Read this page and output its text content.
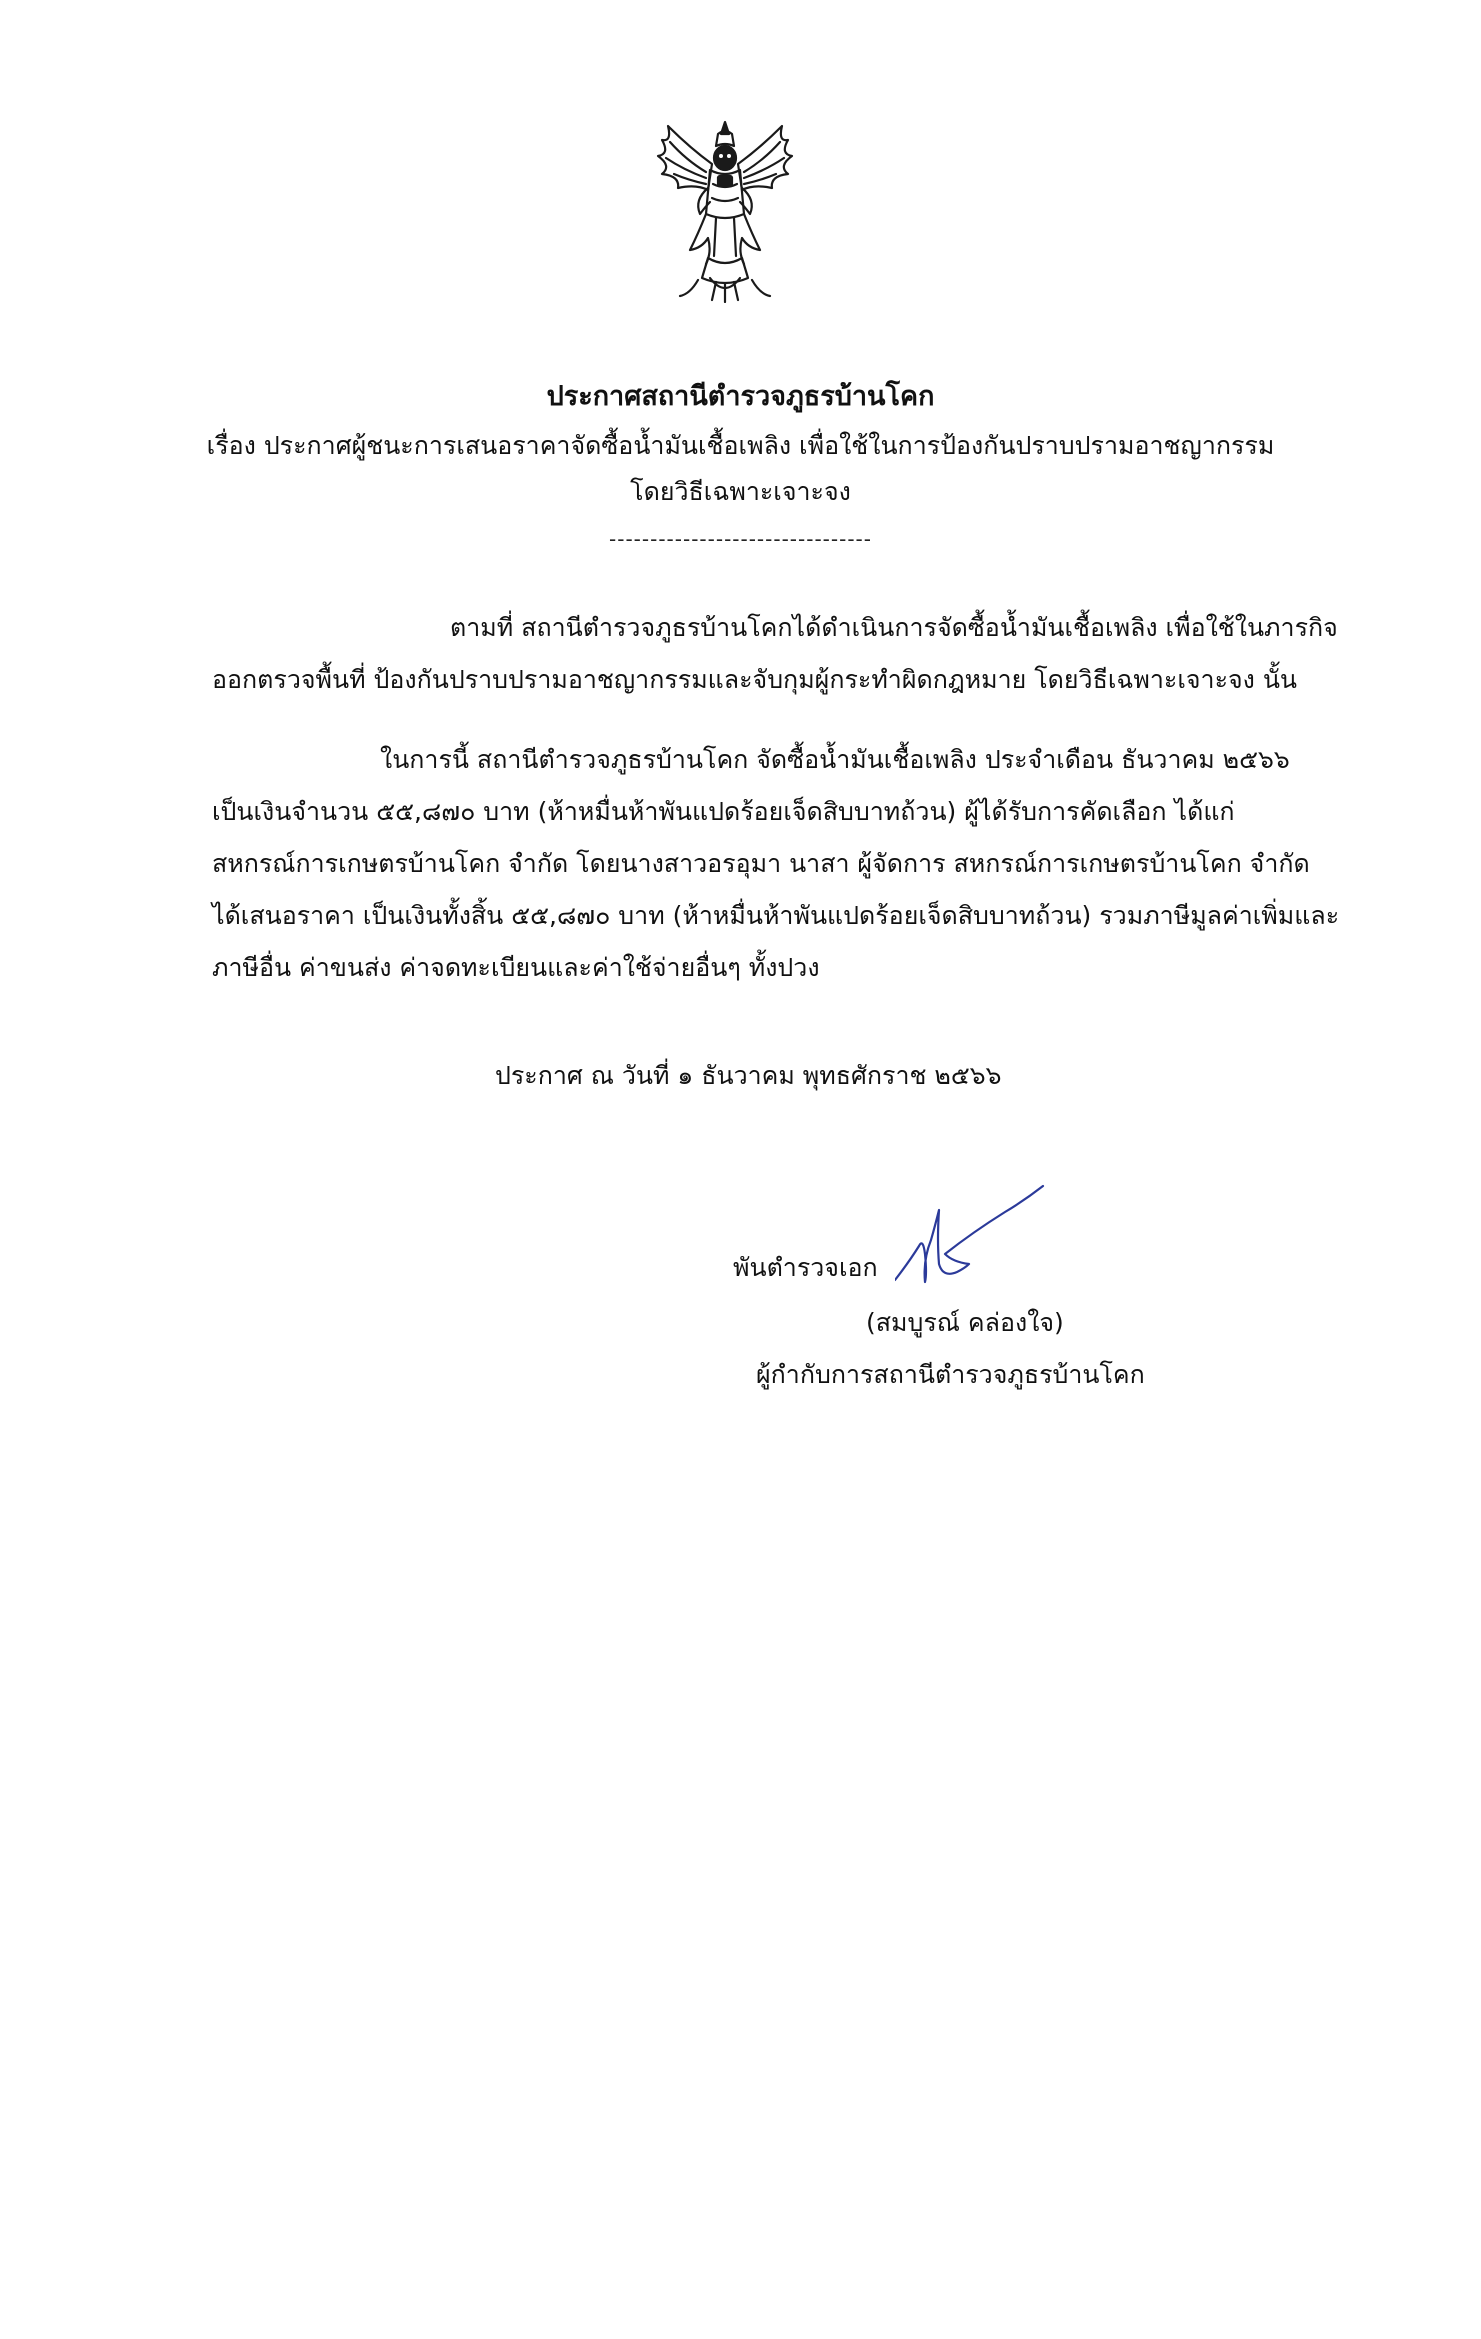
ประกาศสถานีตำรวจภูธรบ้านโคก
เรื่อง ประกาศผู้ชนะการเสนอราคาจัดซื้อน้ำมันเชื้อเพลิง เพื่อใช้ในการป้องกันปราบปรามอาชญากรรม
โดยวิธีเฉพาะเจาะจง
--------------------------------
ตามที่ สถานีตำรวจภูธรบ้านโคกได้ดำเนินการจัดซื้อน้ำมันเชื้อเพลิง เพื่อใช้ในภารกิจ
ออกตรวจพื้นที่ ป้องกันปราบปรามอาชญากรรมและจับกุมผู้กระทำผิดกฎหมาย โดยวิธีเฉพาะเจาะจง นั้น
ในการนี้ สถานีตำรวจภูธรบ้านโคก จัดซื้อน้ำมันเชื้อเพลิง ประจำเดือน ธันวาคม ๒๕๖๖
เป็นเงินจำนวน ๕๕,๘๗๐ บาท (ห้าหมื่นห้าพันแปดร้อยเจ็ดสิบบาทถ้วน) ผู้ได้รับการคัดเลือก ได้แก่
สหกรณ์การเกษตรบ้านโคก จำกัด โดยนางสาวอรอุมา นาสา ผู้จัดการ สหกรณ์การเกษตรบ้านโคก จำกัด
ได้เสนอราคา เป็นเงินทั้งสิ้น ๕๕,๘๗๐ บาท (ห้าหมื่นห้าพันแปดร้อยเจ็ดสิบบาทถ้วน) รวมภาษีมูลค่าเพิ่มและ
ภาษีอื่น ค่าขนส่ง ค่าจดทะเบียนและค่าใช้จ่ายอื่นๆ ทั้งปวง
ประกาศ ณ วันที่ ๑ ธันวาคม พุทธศักราช ๒๕๖๖
พันตำรวจเอก
(สมบูรณ์ คล่องใจ)
ผู้กำกับการสถานีตำรวจภูธรบ้านโคก
